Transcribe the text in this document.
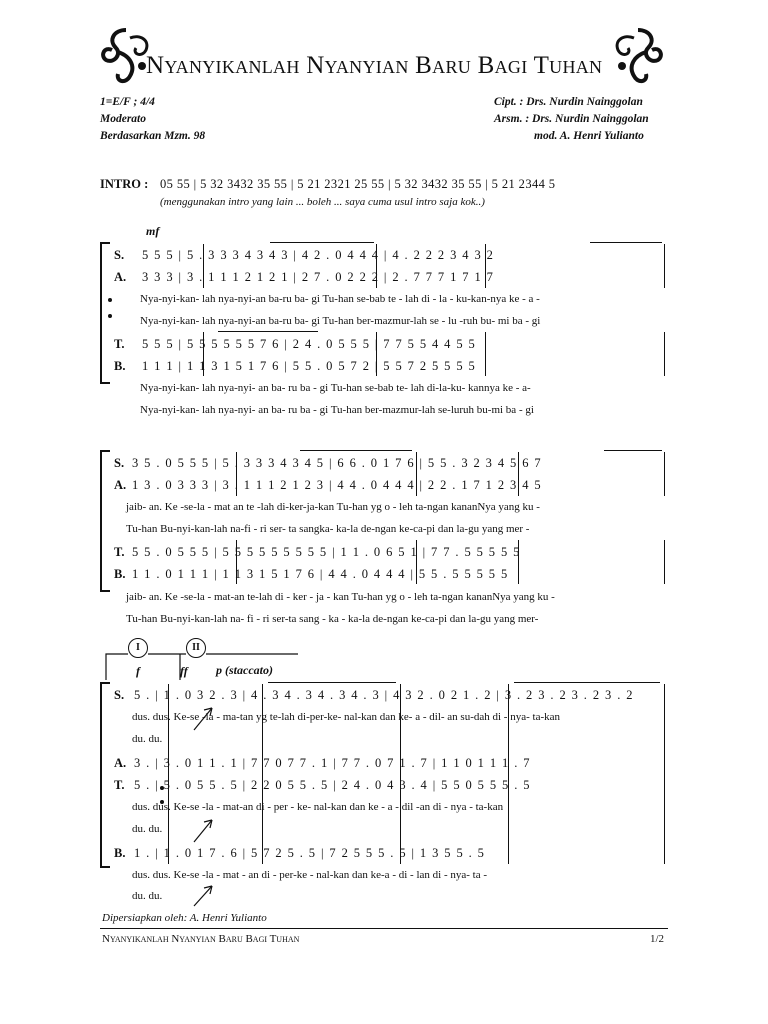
Nyanyikanlah Nyanyian Baru Bagi Tuhan
1=E/F ; 4/4
Moderato
Berdasarkan Mzm. 98
Cipt. : Drs. Nurdin Nainggolan
Arsm. : Drs. Nurdin Nainggolan
mod. A. Henri Yulianto
INTRO : 05 55 | 5 32 3432 35 55 | 5 21 2321 25 55 | 5 32 3432 35 55 | 5 21 2344 5
(menggunakan intro yang lain ... boleh ... saya cuma usul intro saja kok..)
mf
S. 5 5 5 | 5 . 3 3 3 4 3 4 3 | 4 2 . 0 4 4 4 | 4 . 2 2 2 3 4 3 2
A. 3 3 3 | 3 . 1 1 1 2 1 2 1 | 2 7 . 0 2 2 2 | 2 . 7 7 7 1 7 1 7
Nya-nyi-kan- lah nya-nyi-an ba-ru ba- gi Tu-han se-bab te - lah di - la - ku-kan-nya ke - a -
Nya-nyi-kan- lah nya-nyi-an ba-ru ba- gi Tu-han ber-mazmur-lah se - lu -ruh bu- mi ba - gi
T. 5 5 5 | 5 5 5 5 5 5 7 6 | 2 4 . 0 5 5 5 | 7 7 5 5 4 4 5 5
B. 1 1 1 | 1 1 3 1 5 1 7 6 | 5 5 . 0 5 7 2 | 5 5 7 2 5 5 5 5
Nya-nyi-kan- lah nya-nyi- an ba- ru ba - gi Tu-han se-bab te- lah di-la-ku- kannya ke - a-
Nya-nyi-kan- lah nya-nyi- an ba- ru ba - gi Tu-han ber-mazmur-lah se-luruh bu-mi ba - gi
S. 3 5 . 0 5 5 5 | 5 . 3 3 3 4 3 4 5 | 6 6 . 0 1 7 6 | 5 5 . 3 2 3 4 5 6 7
A. 1 3 . 0 3 3 3 | 3 . 1 1 1 2 1 2 3 | 4 4 . 0 4 4 4 | 2 2 . 1 7 1 2 3 4 5
jaib- an. Ke -se-la - mat an te -lah di-ker-ja-kan Tu-han yg o - leh ta-ngan kananNya yang ku -
Tu-han Bu-nyi-kan-lah na-fi - ri ser- ta sangka- ka-la de-ngan ke-ca-pi dan la-gu yang mer -
T. 5 5 . 0 5 5 5 | 5 5 5 5 5 5 5 5 5 | 1 1 . 0 6 5 1 | 7 7 . 5 5 5 5 5
B. 1 1 . 0 1 1 1 | 1 1 3 1 5 1 7 6 | 4 4 . 0 4 4 4 | 5 5 . 5 5 5 5 5
jaib- an. Ke -se-la - mat-an te-lah di - ker - ja - kan Tu-han yg o - leh ta-ngan kananNya yang ku -
Tu-han Bu-nyi-kan-lah na- fi - ri ser-ta sang - ka - ka-la de-ngan ke-ca-pi dan la-gu yang mer-
I	II
f	ff p (staccato)
S. 5 . | 1 . 0 3 2 . 3 | 4 . 3 4 . 3 4 . 3 4 . 3 | 4 3 2 . 0 2 1 . 2 | 3 . 2 3 . 2 3 . 2 3 . 2
dus. dus. Ke-se -la - ma-tan yg te-lah di-per-ke- nal-kan dan ke- a - dil- an su-dah di - nya- ta-kan
du. du.
A. 3 . | 3 . 0 1 1 . 1 | 7 7 0 7 7 . 1 | 7 7 . 0 7 1 . 7 | 1 1 0 1 1 1 . 7
T. 5 . | 5 . 0 5 5 . 5 | 2 2 0 5 5 . 5 | 2 4 . 0 4 3 . 4 | 5 5 0 5 5 5 . 5
dus. dus. Ke-se -la - mat-an di - per - ke- nal-kan dan ke - a - dil -an di - nya - ta-kan
du. du.
B. 1 . | 1 . 0 1 7 . 6 | 5 7 2 5 . 5 | 7 2 5 5 5 . 5 | 1 3 5 5 . 5
dus. dus. Ke-se -la - mat - an di - per-ke - nal-kan dan ke-a - di - lan di - nya- ta -
du. du.
Dipersiapkan oleh: A. Henri Yulianto
Nyanyikanlah Nyanyian Baru Bagi Tuhan	1/2
